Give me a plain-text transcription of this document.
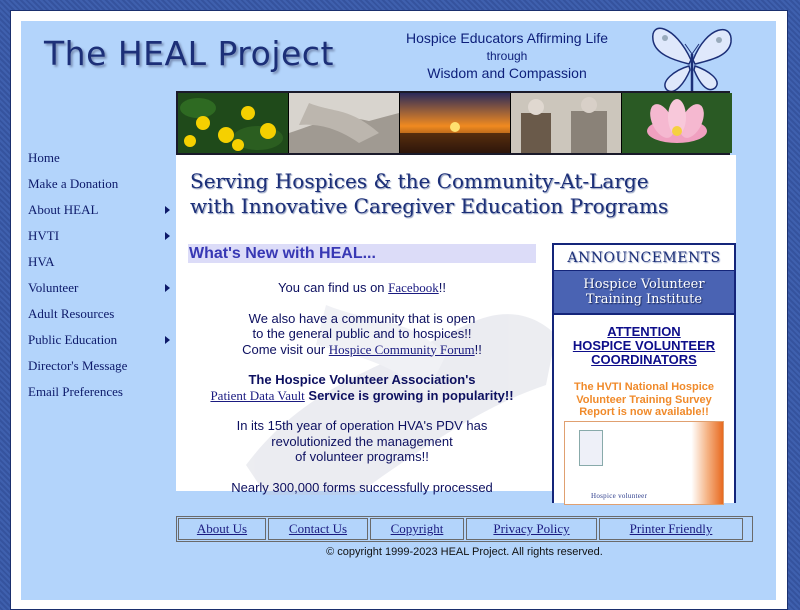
The HEAL Project	Hospice Educators Affirming Life
through
Wisdom and Compassion
Serving Hospices & the Community-At-Large
with Innovative Caregiver Education Programs
What's New with HEAL...
You can find us on Facebook!!
We also have a community that is open
to the general public and to hospices!!
Come visit our Hospice Community Forum!!
The Hospice Volunteer Association's
Patient Data Vault Service is growing in popularity!!
In its 15th year of operation HVA's PDV has
revolutionized the management
of volunteer programs!!
Nearly 300,000 forms successfully processed
ANNOUNCEMENTS
Hospice Volunteer
Training Institute
ATTENTION
HOSPICE VOLUNTEER
COORDINATORS
The HVTI National Hospice
Volunteer Training Survey
Report is now available!!
Hospice volunteer
Home
Make a Donation
About HEAL
HVTI
HVA
Volunteer
Adult Resources
Public Education
Director's Message
Email Preferences
About Us	Contact Us	Copyright	Privacy Policy	Printer Friendly
© copyright 1999-2023 HEAL Project. All rights reserved.
